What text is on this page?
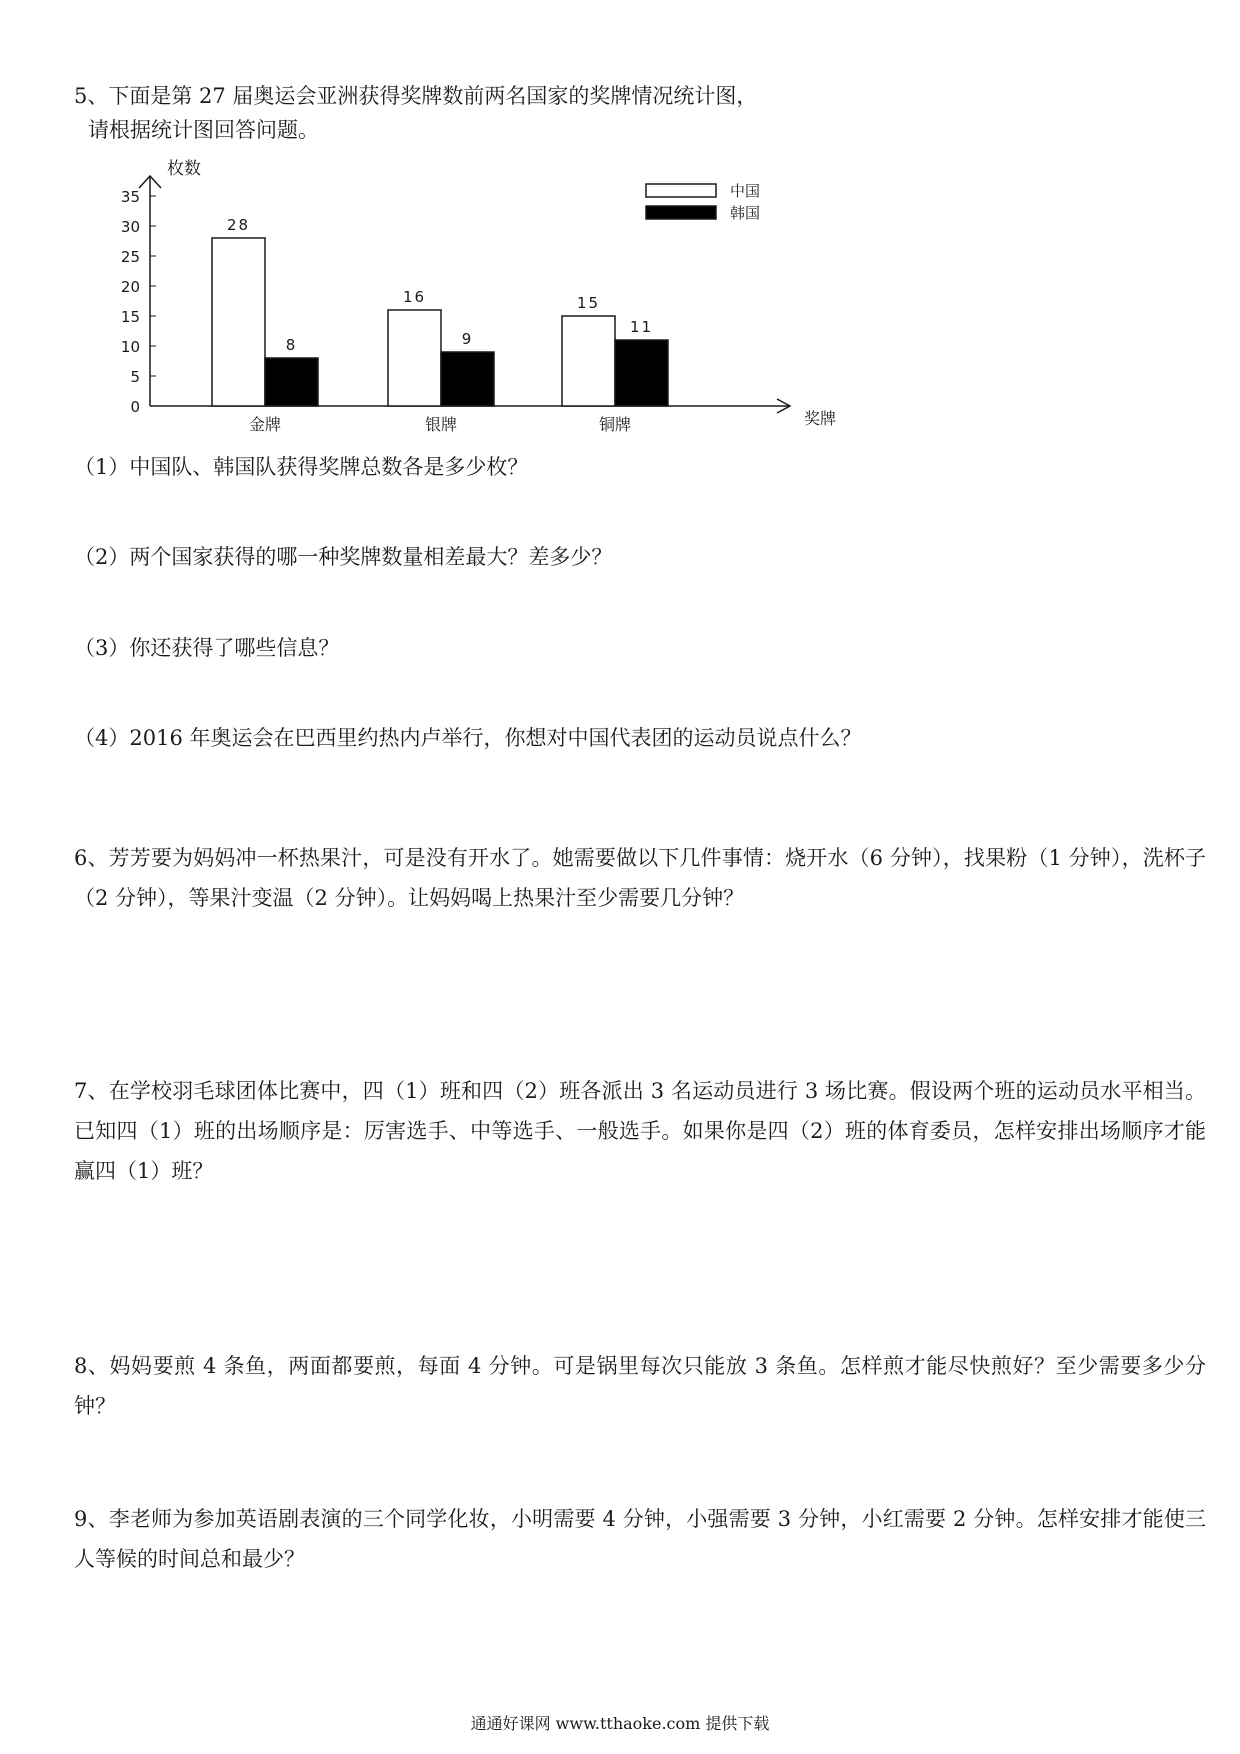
5、下面是第 27 届奥运会亚洲获得奖牌数前两名国家的奖牌情况统计图，
请根据统计图回答问题。
枚数
0
5
10
15
20
25
30
35
奖牌
金牌	银牌	铜牌
28
8
16
9
15
11
中国
韩国
（1）中国队、韩国队获得奖牌总数各是多少枚？
（2）两个国家获得的哪一种奖牌数量相差最大？差多少？
（3）你还获得了哪些信息？
（4）2016 年奥运会在巴西里约热内卢举行，你想对中国代表团的运动员说点什么？
6、芳芳要为妈妈冲一杯热果汁，可是没有开水了。她需要做以下几件事情：烧开水（6 分钟），找果粉（1 分钟），洗杯子（2 分钟），等果汁变温（2 分钟）。让妈妈喝上热果汁至少需要几分钟？
7、在学校羽毛球团体比赛中，四（1）班和四（2）班各派出 3 名运动员进行 3 场比赛。假设两个班的运动员水平相当。已知四（1）班的出场顺序是：厉害选手、中等选手、一般选手。如果你是四（2）班的体育委员，怎样安排出场顺序才能赢四（1）班？
8、妈妈要煎 4 条鱼，两面都要煎，每面 4 分钟。可是锅里每次只能放 3 条鱼。怎样煎才能尽快煎好？至少需要多少分钟？
9、李老师为参加英语剧表演的三个同学化妆，小明需要 4 分钟，小强需要 3 分钟，小红需要 2 分钟。怎样安排才能使三人等候的时间总和最少？
通通好课网 www.tthaoke.com 提供下载
